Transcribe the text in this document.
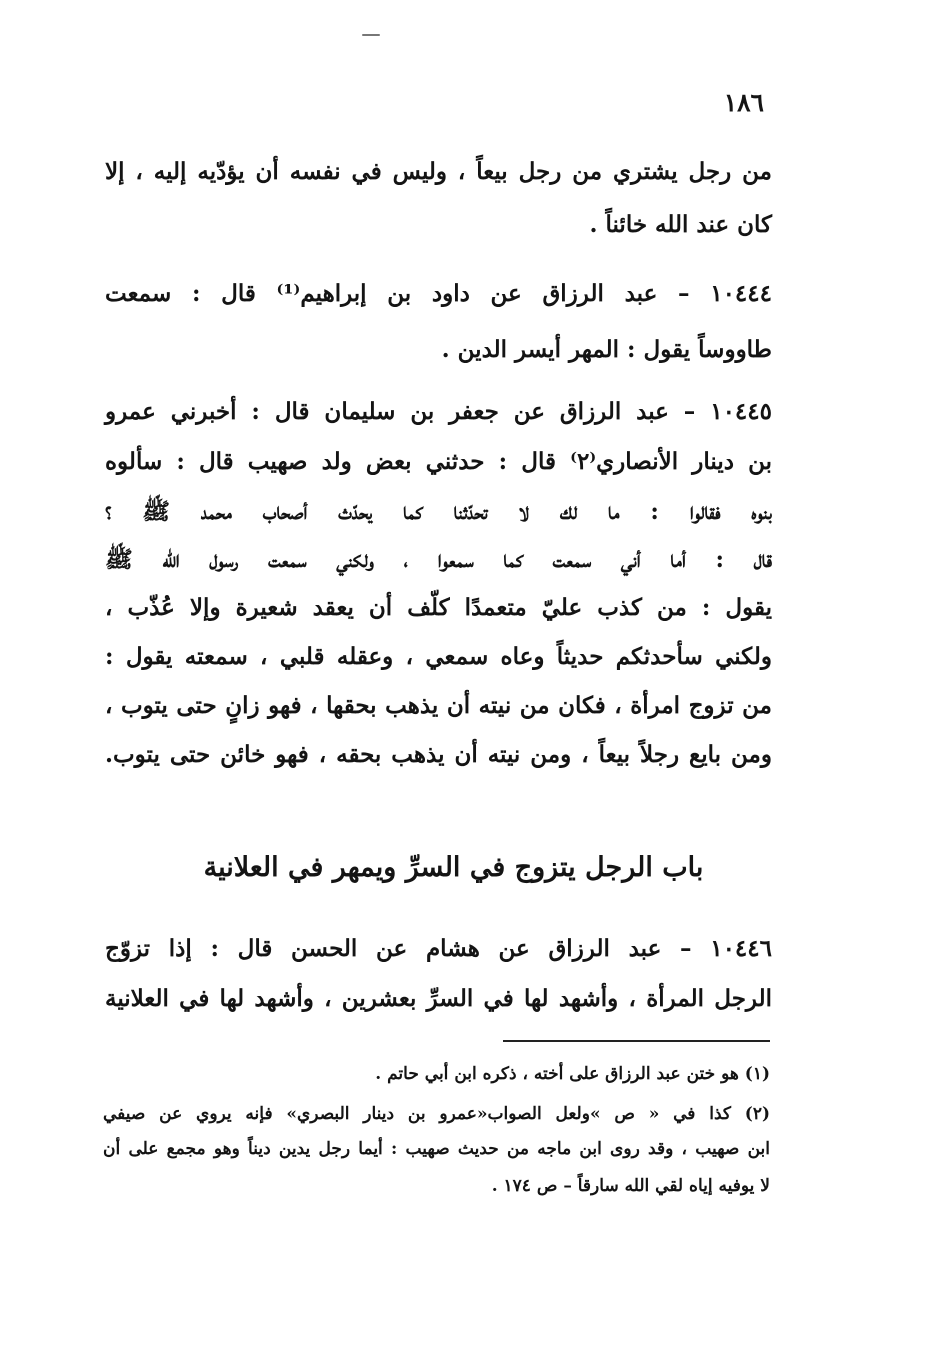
١٨٦

من رجل يشتري من رجل بيعاً ، وليس في نفسه أن يؤدّيه إليه ، إلا

كان عند الله خائناً .

١٠٤٤٤ – عبد الرزاق عن داود بن إبراهيم⁽¹⁾ قال : سمعت

طاووساً يقول : المهر أيسر الدين .

١٠٤٤٥ – عبد الرزاق عن جعفر بن سليمان قال : أخبرني عمرو

بن دينار الأنصاري⁽٢⁾ قال : حدثني بعض ولد صهيب قال : سألوه

بنوه فقالوا : ما لك لا تحدّثنا كما يحدّث أصحاب محمد ﷺ ؟

قال : أما أني سمعت كما سمعوا ، ولكني سمعت رسول الله ﷺ

يقول : من كذب عليّ متعمدًا كلّف أن يعقد شعيرة وإلا عُذّب ،

ولكني سأحدثكم حديثاً وعاه سمعي ، وعقله قلبي ، سمعته يقول :

من تزوج امرأة ، فكان من نيته أن يذهب بحقها ، فهو زانٍ حتى يتوب ،

ومن بايع رجلاً بيعاً ، ومن نيته أن يذهب بحقه ، فهو خائن حتى يتوب.

باب الرجل يتزوج في السرِّ ويمهر في العلانية

١٠٤٤٦ – عبد الرزاق عن هشام عن الحسن قال : إذا تزوّج

الرجل المرأة ، وأشهد لها في السرِّ بعشرين ، وأشهد لها في العلانية

(١) هو ختن عبد الرزاق على أخته ، ذكره ابن أبي حاتم .

(٢) كذا في « ص »ولعل الصواب«عمرو بن دينار البصري» فإنه يروي عن صيفي

ابن صهيب ، وقد روى ابن ماجه من حديث صهيب : أيما رجل يدين ديناً وهو مجمع على أن

لا يوفيه إياه لقي الله سارقاً – ص ١٧٤ .
